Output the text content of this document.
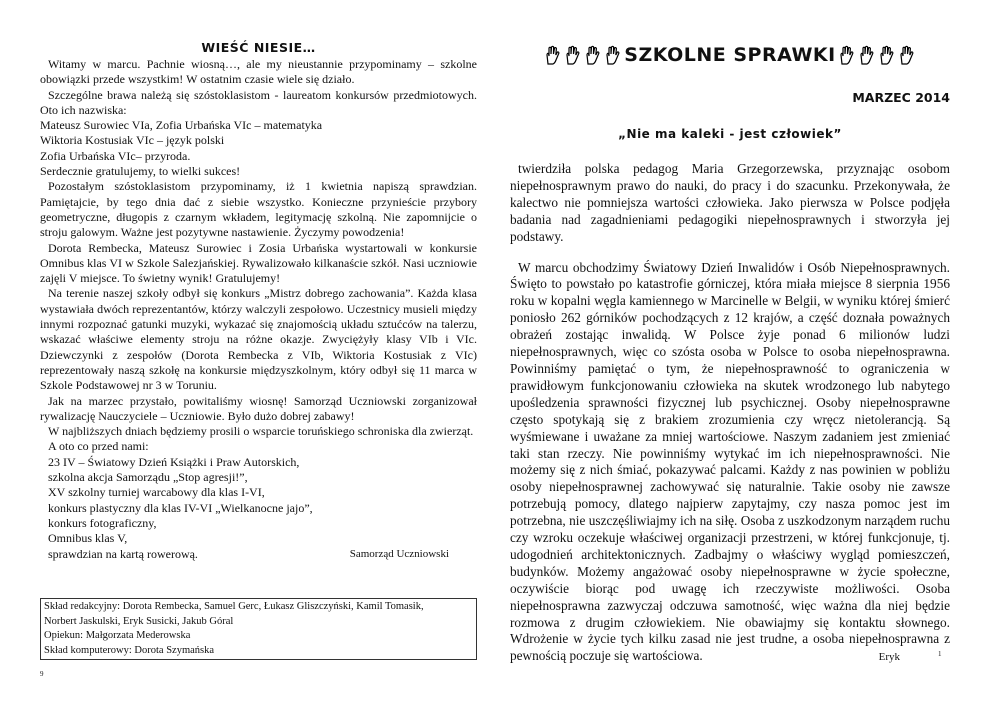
WIEŚĆ NIESIE…

Witamy w marcu. Pachnie wiosną…, ale my nieustannie przypominamy – szkolne obowiązki przede wszystkim! W ostatnim czasie wiele się działo.

Szczególne brawa należą się szóstoklasistom - laureatom konkursów przedmiotowych. Oto ich nazwiska:

Mateusz Surowiec VIa, Zofia Urbańska VIc – matematyka

Wiktoria Kostusiak VIc – język polski

Zofia Urbańska VIc– przyroda.

Serdecznie gratulujemy, to wielki sukces!

Pozostałym szóstoklasistom przypominamy, iż 1 kwietnia napiszą sprawdzian. Pamiętajcie, by tego dnia dać z siebie wszystko. Konieczne przynieście przybory geometryczne, długopis z czarnym wkładem, legitymację szkolną. Nie zapomnijcie o stroju galowym. Ważne jest pozytywne nastawienie. Życzymy powodzenia!

Dorota Rembecka, Mateusz Surowiec i Zosia Urbańska wystartowali w konkursie Omnibus klas VI w Szkole Salezjańskiej. Rywalizowało kilkanaście szkół. Nasi uczniowie zajęli V miejsce. To świetny wynik! Gratulujemy!

Na terenie naszej szkoły odbył się konkurs „Mistrz dobrego zachowania”. Każda klasa wystawiała dwóch reprezentantów, którzy walczyli zespołowo. Uczestnicy musieli między innymi rozpoznać gatunki muzyki, wykazać się znajomością układu sztućców na talerzu, wskazać właściwe elementy stroju na różne okazje. Zwyciężyły klasy VIb i VIc. Dziewczynki z zespołów (Dorota Rembecka z VIb, Wiktoria Kostusiak z VIc) reprezentowały naszą szkołę na konkursie międzyszkolnym, który odbył się 11 marca w Szkole Podstawowej nr 3 w Toruniu.

Jak na marzec przystało, powitaliśmy wiosnę! Samorząd Uczniowski zorganizował rywalizację Nauczyciele – Uczniowie. Było dużo dobrej zabawy!

W najbliższych dniach będziemy prosili o wsparcie toruńskiego schroniska dla zwierząt.

A oto co przed nami:

23 IV – Światowy Dzień Książki i Praw Autorskich,
szkolna akcja Samorządu „Stop agresji!”,
XV szkolny turniej warcabowy dla klas I-VI,
konkurs plastyczny dla klas IV-VI „Wielkanocne jajo”,
konkurs fotograficzny,
Omnibus klas V,
sprawdzian na kartą rowerową.	Samorząd Uczniowski
Skład redakcyjny: Dorota Rembecka, Samuel Gerc, Łukasz Gliszczyński, Kamil Tomasik,
Norbert Jaskulski, Eryk Susicki, Jakub Góral
Opiekun: Małgorzata Mederowska
Skład komputerowy: Dorota Szymańska
9
SZKOLNE SPRAWKI
MARZEC 2014
„Nie ma kaleki - jest człowiek”

twierdziła polska pedagog Maria Grzegorzewska, przyznając osobom niepełnosprawnym prawo do nauki, do pracy i do szacunku. Przekonywała, że kalectwo nie pomniejsza wartości człowieka. Jako pierwsza w Polsce podjęła badania nad zagadnieniami pedagogiki niepełnosprawnych i stworzyła jej podstawy.

W marcu obchodzimy Światowy Dzień Inwalidów i Osób Niepełnosprawnych. Święto to powstało po katastrofie górniczej, która miała miejsce 8 sierpnia 1956 roku w kopalni węgla kamiennego w Marcinelle w Belgii, w wyniku której śmierć poniosło 262 górników pochodzących z 12 krajów, a część doznała poważnych obrażeń zostając inwalidą. W Polsce żyje ponad 6 milionów ludzi niepełnosprawnych, więc co szósta osoba w Polsce to osoba niepełnosprawna. Powinniśmy pamiętać o tym, że niepełnosprawność to ograniczenia w prawidłowym funkcjonowaniu człowieka na skutek wrodzonego lub nabytego upośledzenia sprawności fizycznej lub psychicznej. Osoby niepełnosprawne często spotykają się z brakiem zrozumienia czy wręcz nietolerancją. Są wyśmiewane i uważane za mniej wartościowe. Naszym zadaniem jest zmieniać taki stan rzeczy. Nie powinniśmy wytykać im ich niepełnosprawności. Nie możemy się z nich śmiać, pokazywać palcami. Każdy z nas powinien w pobliżu osoby niepełnosprawnej zachowywać się naturalnie. Takie osoby nie zawsze potrzebują pomocy, dlatego najpierw zapytajmy, czy nasza pomoc jest im potrzebna, nie uszczęśliwiajmy ich na siłę. Osoba z uszkodzonym narządem ruchu czy wzroku oczekuje właściwej organizacji przestrzeni, w której funkcjonuje, tj. udogodnień architektonicznych. Zadbajmy o właściwy wygląd pomieszczeń, budynków. Możemy angażować osoby niepełnosprawne w życie społeczne, oczywiście biorąc pod uwagę ich rzeczywiste możliwości. Osoba niepełnosprawna zazwyczaj odczuwa samotność, więc ważna dla niej będzie rozmowa z drugim człowiekiem. Nie obawiajmy się kontaktu słownego. Wdrożenie w życie tych kilku zasad nie jest trudne, a osoba niepełnosprawna z pewnością poczuje się wartościowa.	Eryk	1
